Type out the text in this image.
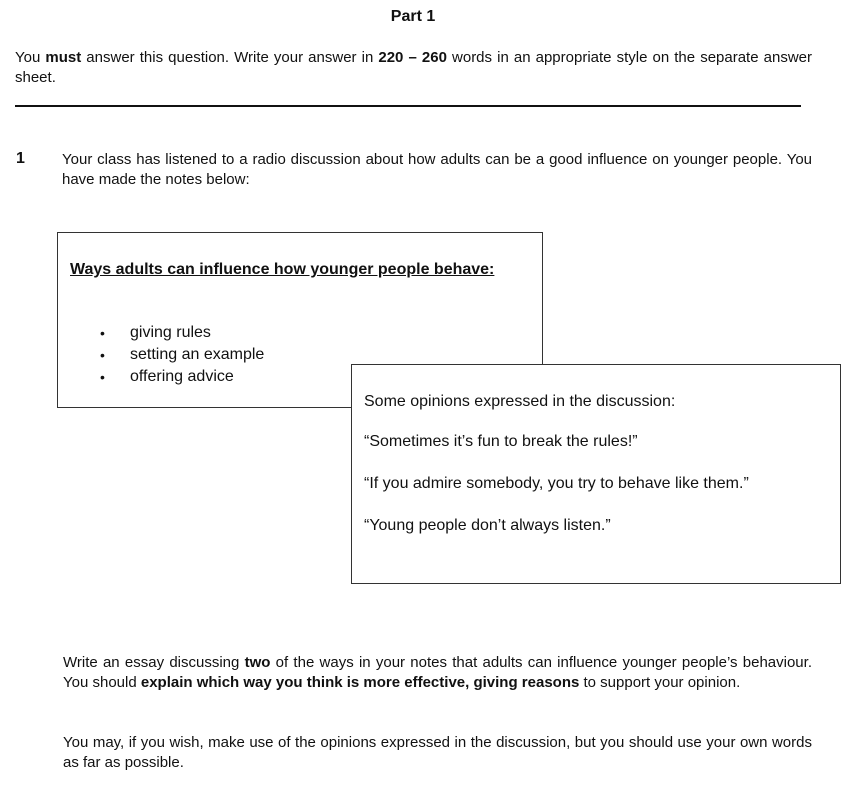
Part 1
You must answer this question. Write your answer in 220 – 260 words in an appropriate style on the separate answer sheet.
1 Your class has listened to a radio discussion about how adults can be a good influence on younger people. You have made the notes below:
Ways adults can influence how younger people behave:
• giving rules
• setting an example
• offering advice
Some opinions expressed in the discussion:
“Sometimes it’s fun to break the rules!”
“If you admire somebody, you try to behave like them.”
“Young people don’t always listen.”
Write an essay discussing two of the ways in your notes that adults can influence younger people’s behaviour. You should explain which way you think is more effective, giving reasons to support your opinion.
You may, if you wish, make use of the opinions expressed in the discussion, but you should use your own words as far as possible.
